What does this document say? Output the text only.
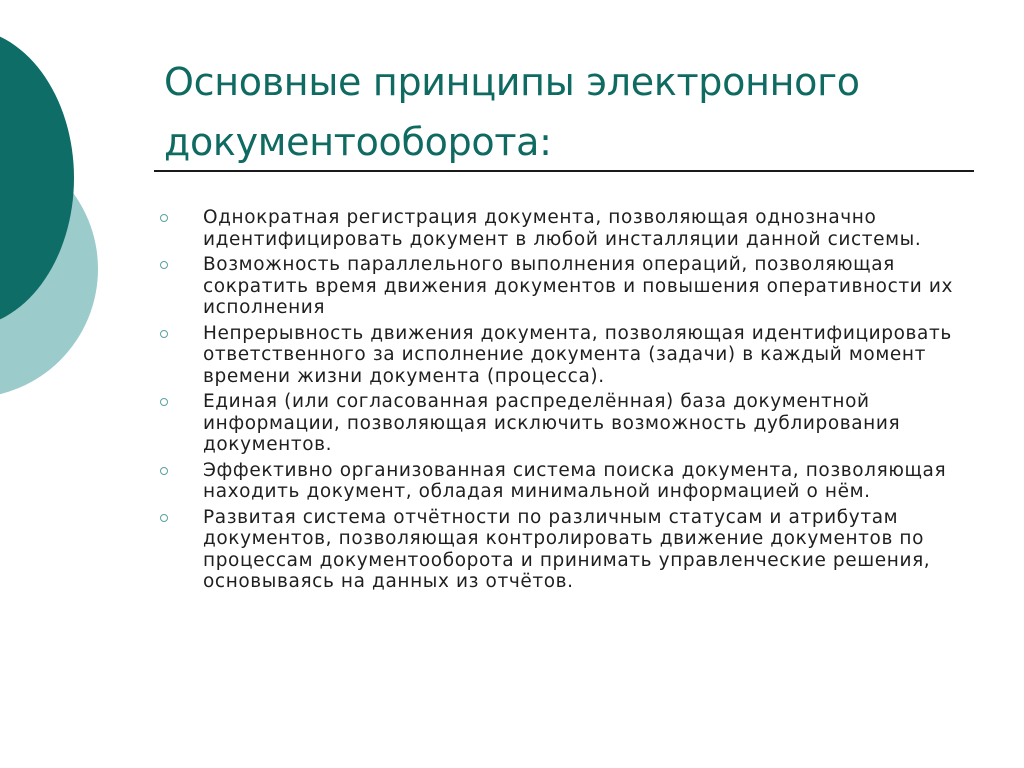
Основные принципы электронного документооборота:
Однократная регистрация документа, позволяющая однозначно идентифицировать документ в любой инсталляции данной системы.
Возможность параллельного выполнения операций, позволяющая сократить время движения документов и повышения оперативности их исполнения
Непрерывность движения документа, позволяющая идентифицировать ответственного за исполнение документа (задачи) в каждый момент времени жизни документа (процесса).
Единая (или согласованная распределённая) база документной информации, позволяющая исключить возможность дублирования документов.
Эффективно организованная система поиска документа, позволяющая находить документ, обладая минимальной информацией о нём.
Развитая система отчётности по различным статусам и атрибутам документов, позволяющая контролировать движение документов по процессам документооборота и принимать управленческие решения, основываясь на данных из отчётов.
